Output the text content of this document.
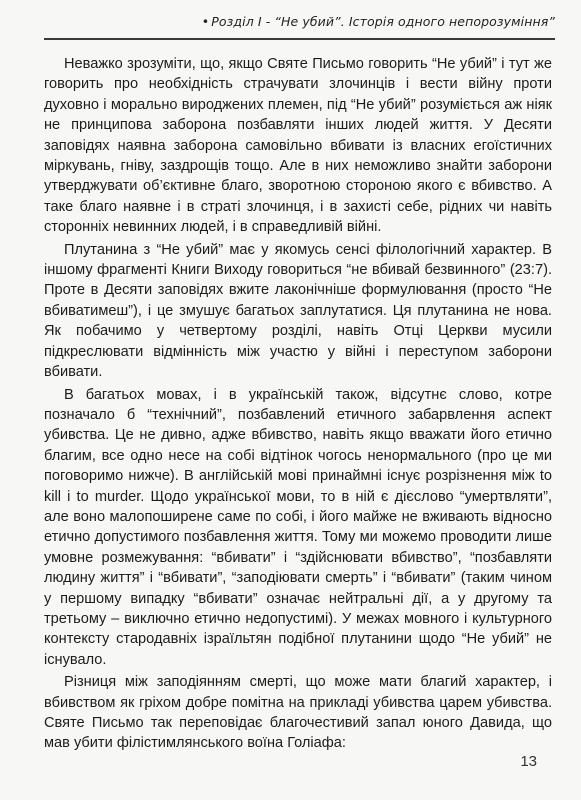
• Розділ I - “Не убий”. Історія одного непорозуміння”

Неважко зрозуміти, що, якщо Святе Письмо говорить “Не убий” і тут же говорить про необхідність страчувати злочинців і вести війну проти духовно і морально вироджених племен, під “Не убий” розуміється аж ніяк не принципова заборона позбавляти інших людей життя. У Десяти заповідях наявна заборона самовільно вбивати із власних егоїстичних міркувань, гніву, заздрощів тощо. Але в них неможливо знайти заборони утверджувати об’єктивне благо, зворотною стороною якого є вбивство. А таке благо наявне і в страті злочинця, і в захисті себе, рідних чи навіть сторонніх невинних людей, і в справедливій війні.

Плутанина з “Не убий” має у якомусь сенсі філологічний характер. В іншому фрагменті Книги Виходу говориться “не вбивай безвинного” (23:7). Проте в Десяти заповідях вжите лаконічніше формулювання (просто “Не вбиватимеш”), і це змушує багатьох заплутатися. Ця плутанина не нова. Як побачимо у четвертому розділі, навіть Отці Церкви мусили підкреслювати відмінність між участю у війні і переступом заборони вбивати.

В багатьох мовах, і в українській також, відсутнє слово, котре позначало б “технічний”, позбавлений етичного забарвлення аспект убивства. Це не дивно, адже вбивство, навіть якщо вважати його етично благим, все одно несе на собі відтінок чогось ненормального (про це ми поговоримо нижче). В англійській мові принаймні існує розрізнення між to kill і to murder. Щодо української мови, то в ній є дієслово “умертвляти”, але воно малопоширене саме по собі, і його майже не вживають відносно етично допустимого позбавлення життя. Тому ми можемо проводити лише умовне розмежування: “вбивати” і “здійснювати вбивство”, “позбавляти людину життя” і “вбивати”, “заподіювати смерть” і “вбивати” (таким чином у першому випадку “вбивати” означає нейтральні дії, а у другому та третьому – виключно етично недопустимі). У межах мовного і культурного контексту стародавніх ізраїльтян подібної плутанини щодо “Не убий” не існувало.

Різниця між заподіянням смерті, що може мати благий характер, і вбивством як гріхом добре помітна на прикладі убивства царем убивства. Святе Письмо так переповідає благочестивий запал юного Давида, що мав убити філістимлянського воїна Голіафа:

13
